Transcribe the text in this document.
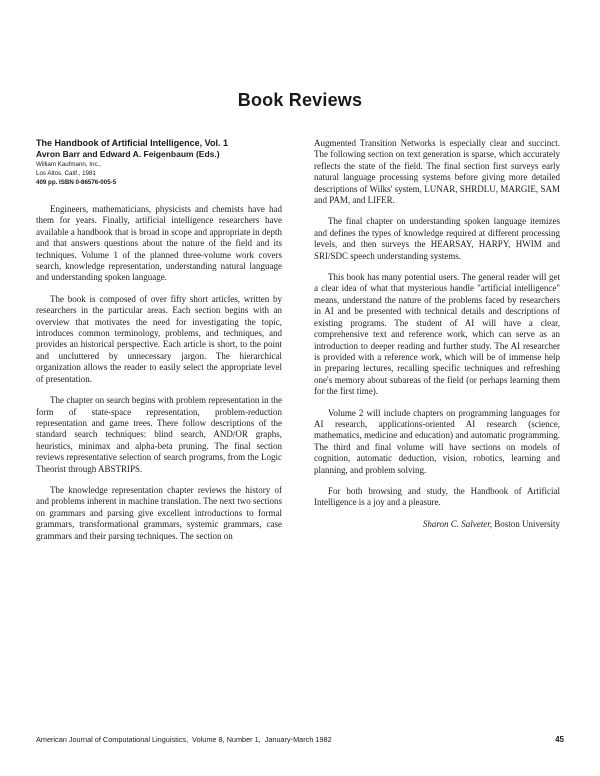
Book Reviews

The Handbook of Artificial Intelligence, Vol. 1

Avron Barr and Edward A. Feigenbaum (Eds.)

William Kaufmann, Inc.,

Los Altos, Calif., 1981

409 pp. ISBN 0-86576-005-5

Engineers, mathematicians, physicists and chemists have had them for years. Finally, artificial intelligence researchers have available a handbook that is broad in scope and appropriate in depth and that answers questions about the nature of the field and its techniques. Volume 1 of the planned three-volume work covers search, knowledge representation, understanding natural language and understanding spoken language.

The book is composed of over fifty short articles, written by researchers in the particular areas. Each section begins with an overview that motivates the need for investigating the topic, introduces common terminology, problems, and techniques, and provides an historical perspective. Each article is short, to the point and uncluttered by unnecessary jargon. The hierarchical organization allows the reader to easily select the appropriate level of presentation.

The chapter on search begins with problem representation in the form of state-space representation, problem-reduction representation and game trees. There follow descriptions of the standard search techniques: blind search, AND/OR graphs, heuristics, minimax and alpha-beta pruning. The final section reviews representative selection of search programs, from the Logic Theorist through ABSTRIPS.

The knowledge representation chapter reviews the history of and problems inherent in machine translation. The next two sections on grammars and parsing give excellent introductions to formal grammars, transformational grammars, systemic grammars, case grammars and their parsing techniques. The section on

Augmented Transition Networks is especially clear and succinct. The following section on text generation is sparse, which accurately reflects the state of the field. The final section first surveys early natural language processing systems before giving more detailed descriptions of Wilks' system, LUNAR, SHRDLU, MARGIE, SAM and PAM, and LIFER.

The final chapter on understanding spoken language itemizes and defines the types of knowledge required at different processing levels, and then surveys the HEARSAY, HARPY, HWIM and SRI/SDC speech understanding systems.

This book has many potential users. The general reader will get a clear idea of what that mysterious handle "artificial intelligence" means, understand the nature of the problems faced by researchers in AI and be presented with technical details and descriptions of existing programs. The student of AI will have a clear, comprehensive text and reference work, which can serve as an introduction to deeper reading and further study. The AI researcher is provided with a reference work, which will be of immense help in preparing lectures, recalling specific techniques and refreshing one's memory about subareas of the field (or perhaps learning them for the first time).

Volume 2 will include chapters on programming languages for AI research, applications-oriented AI research (science, mathematics, medicine and education) and automatic programming. The third and final volume will have sections on models of cognition, automatic deduction, vision, robotics, learning and planning, and problem solving.

For both browsing and study, the Handbook of Artificial Intelligence is a joy and a pleasure.

Sharon C. Salveter, Boston University

American Journal of Computational Linguistics, Volume 8, Number 1, January-March 1982	45
